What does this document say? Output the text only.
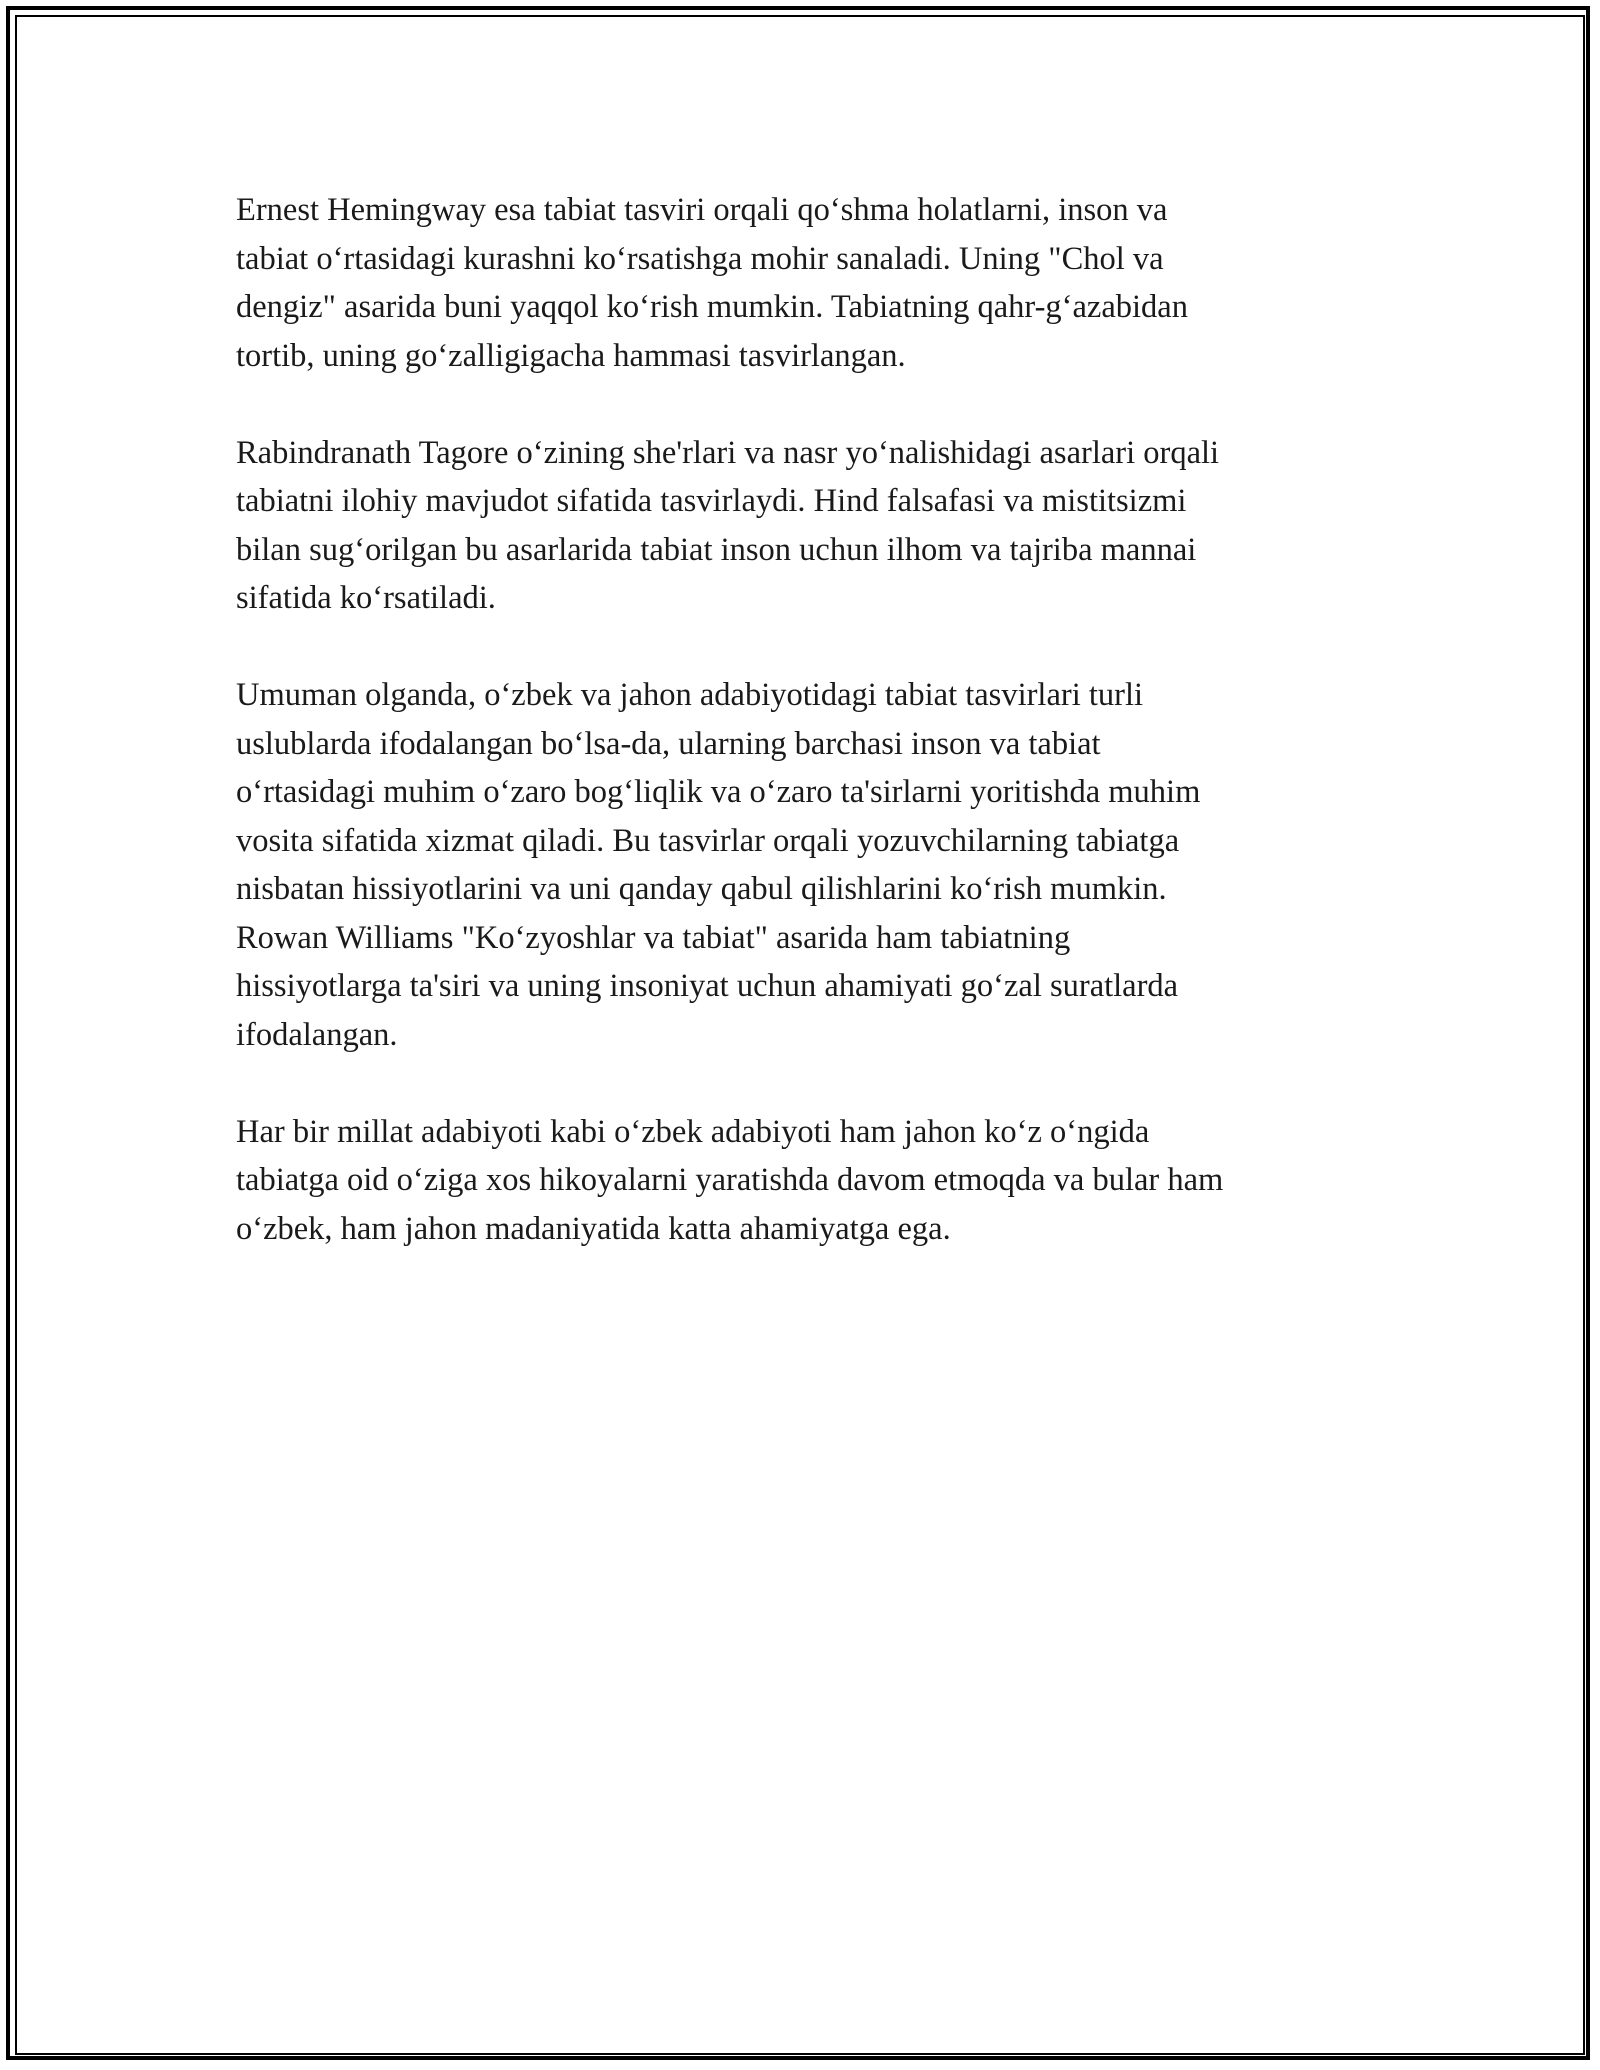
Ernest Hemingway esa tabiat tasviri orqali qo‘shma holatlarni, inson va
tabiat o‘rtasidagi kurashni ko‘rsatishga mohir sanaladi. Uning "Chol va
dengiz" asarida buni yaqqol ko‘rish mumkin. Tabiatning qahr-g‘azabidan
tortib, uning go‘zalligigacha hammasi tasvirlangan.

Rabindranath Tagore o‘zining she'rlari va nasr yo‘nalishidagi asarlari orqali
tabiatni ilohiy mavjudot sifatida tasvirlaydi. Hind falsafasi va mistitsizmi
bilan sug‘orilgan bu asarlarida tabiat inson uchun ilhom va tajriba mannai
sifatida ko‘rsatiladi.

Umuman olganda, o‘zbek va jahon adabiyotidagi tabiat tasvirlari turli
uslublarda ifodalangan bo‘lsa-da, ularning barchasi inson va tabiat
o‘rtasidagi muhim o‘zaro bog‘liqlik va o‘zaro ta'sirlarni yoritishda muhim
vosita sifatida xizmat qiladi. Bu tasvirlar orqali yozuvchilarning tabiatga
nisbatan hissiyotlarini va uni qanday qabul qilishlarini ko‘rish mumkin.
Rowan Williams "Ko‘zyoshlar va tabiat" asarida ham tabiatning
hissiyotlarga ta'siri va uning insoniyat uchun ahamiyati go‘zal suratlarda
ifodalangan.

Har bir millat adabiyoti kabi o‘zbek adabiyoti ham jahon ko‘z o‘ngida
tabiatga oid o‘ziga xos hikoyalarni yaratishda davom etmoqda va bular ham
o‘zbek, ham jahon madaniyatida katta ahamiyatga ega.
